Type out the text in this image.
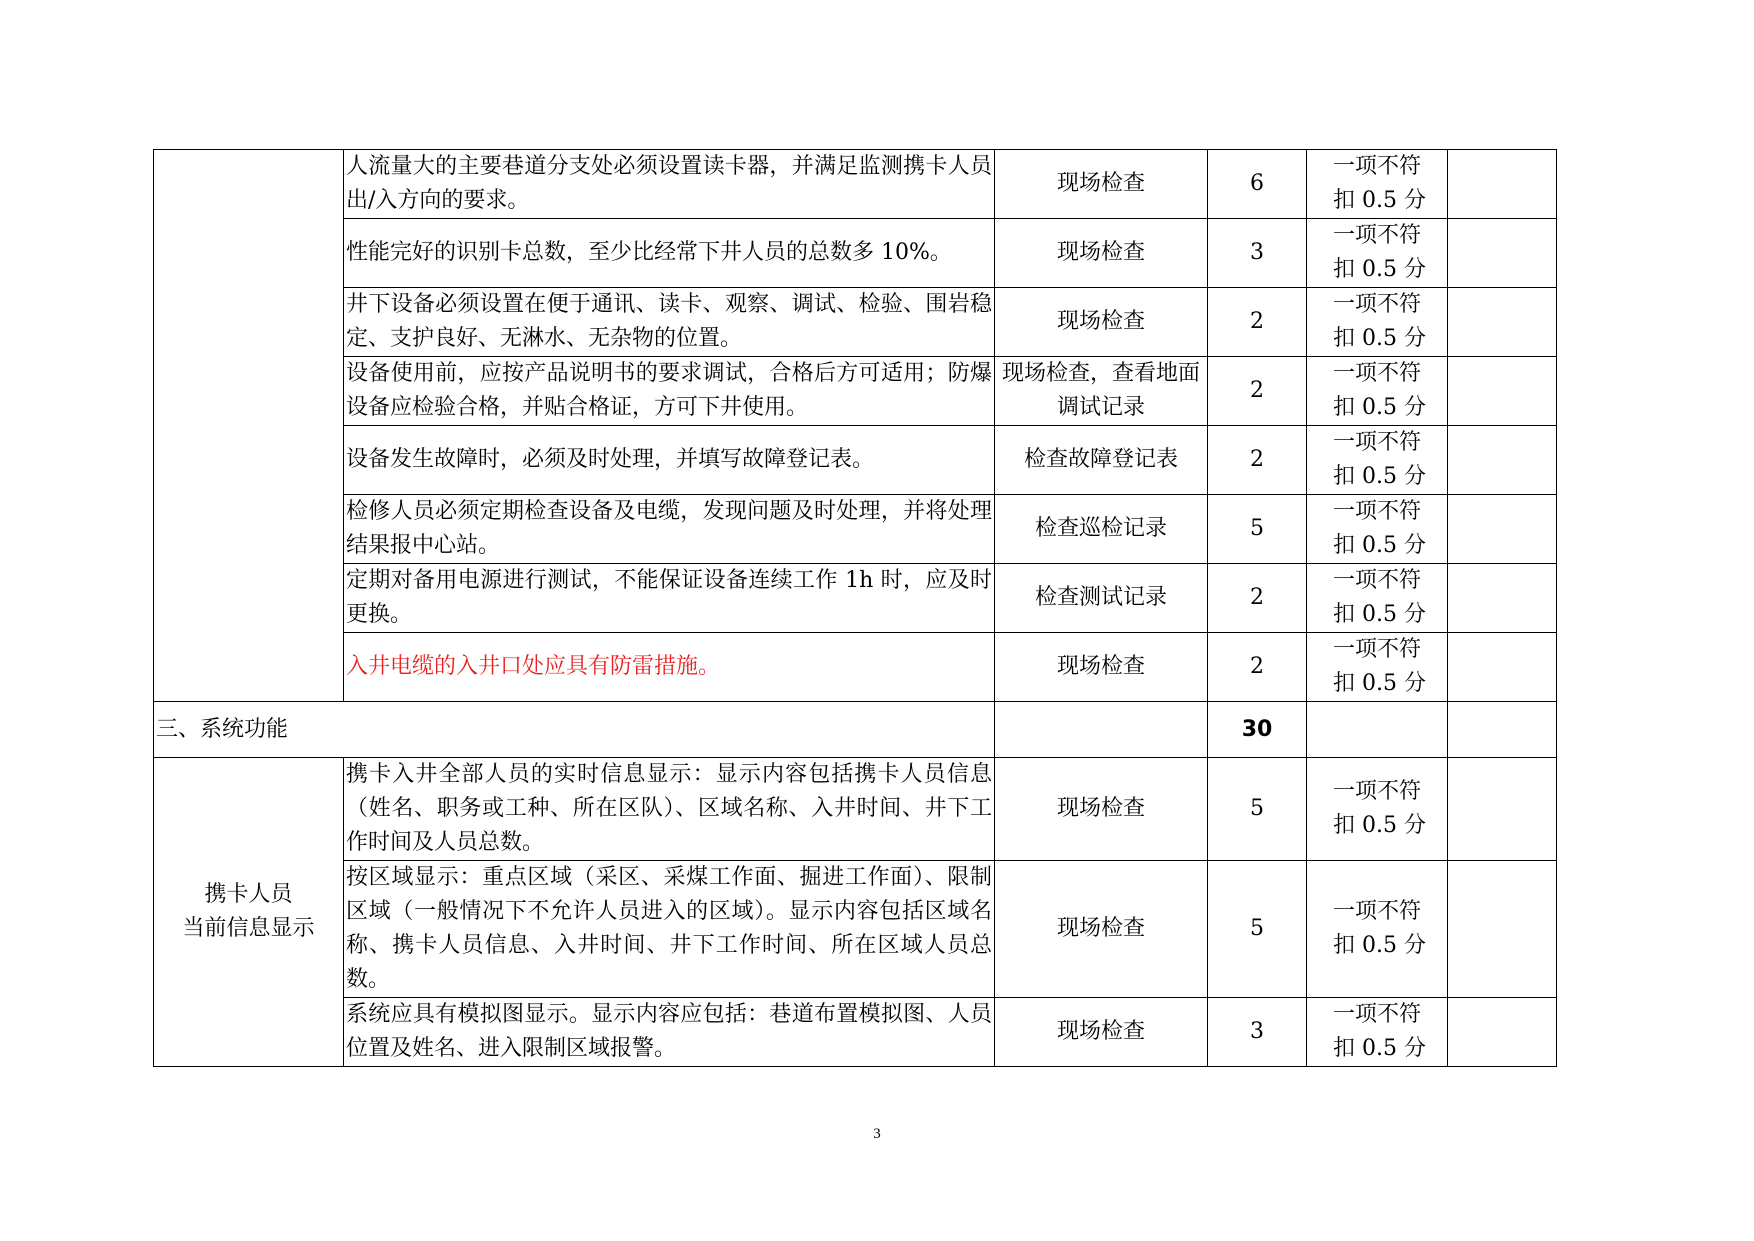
	人流量大的主要巷道分支处必须设置读卡器，并满足监测携卡人员出/入方向的要求。	现场检查	6	一项不符
扣 0.5 分	

	性能完好的识别卡总数，至少比经常下井人员的总数多 10%。	现场检查	3	一项不符
扣 0.5 分	

	井下设备必须设置在便于通讯、读卡、观察、调试、检验、围岩稳定、支护良好、无淋水、无杂物的位置。	现场检查	2	一项不符
扣 0.5 分	

	设备使用前，应按产品说明书的要求调试，合格后方可适用；防爆设备应检验合格，并贴合格证，方可下井使用。	现场检查，查看地面调试记录	2	一项不符
扣 0.5 分	

	设备发生故障时，必须及时处理，并填写故障登记表。	检查故障登记表	2	一项不符
扣 0.5 分	

	检修人员必须定期检查设备及电缆，发现问题及时处理，并将处理结果报中心站。	检查巡检记录	5	一项不符
扣 0.5 分	

	定期对备用电源进行测试，不能保证设备连续工作 1h 时，应及时更换。	检查测试记录	2	一项不符
扣 0.5 分	

	入井电缆的入井口处应具有防雷措施。	现场检查	2	一项不符
扣 0.5 分	

三、系统功能			30		

携卡人员
当前信息显示	携卡入井全部人员的实时信息显示：显示内容包括携卡人员信息（姓名、职务或工种、所在区队）、区域名称、入井时间、井下工作时间及人员总数。	现场检查	5	一项不符
扣 0.5 分	

	按区域显示：重点区域（采区、采煤工作面、掘进工作面）、限制区域（一般情况下不允许人员进入的区域）。显示内容包括区域名称、携卡人员信息、入井时间、井下工作时间、所在区域人员总数。	现场检查	5	一项不符
扣 0.5 分	

	系统应具有模拟图显示。显示内容应包括：巷道布置模拟图、人员位置及姓名、进入限制区域报警。	现场检查	3	一项不符
扣 0.5 分	

3
